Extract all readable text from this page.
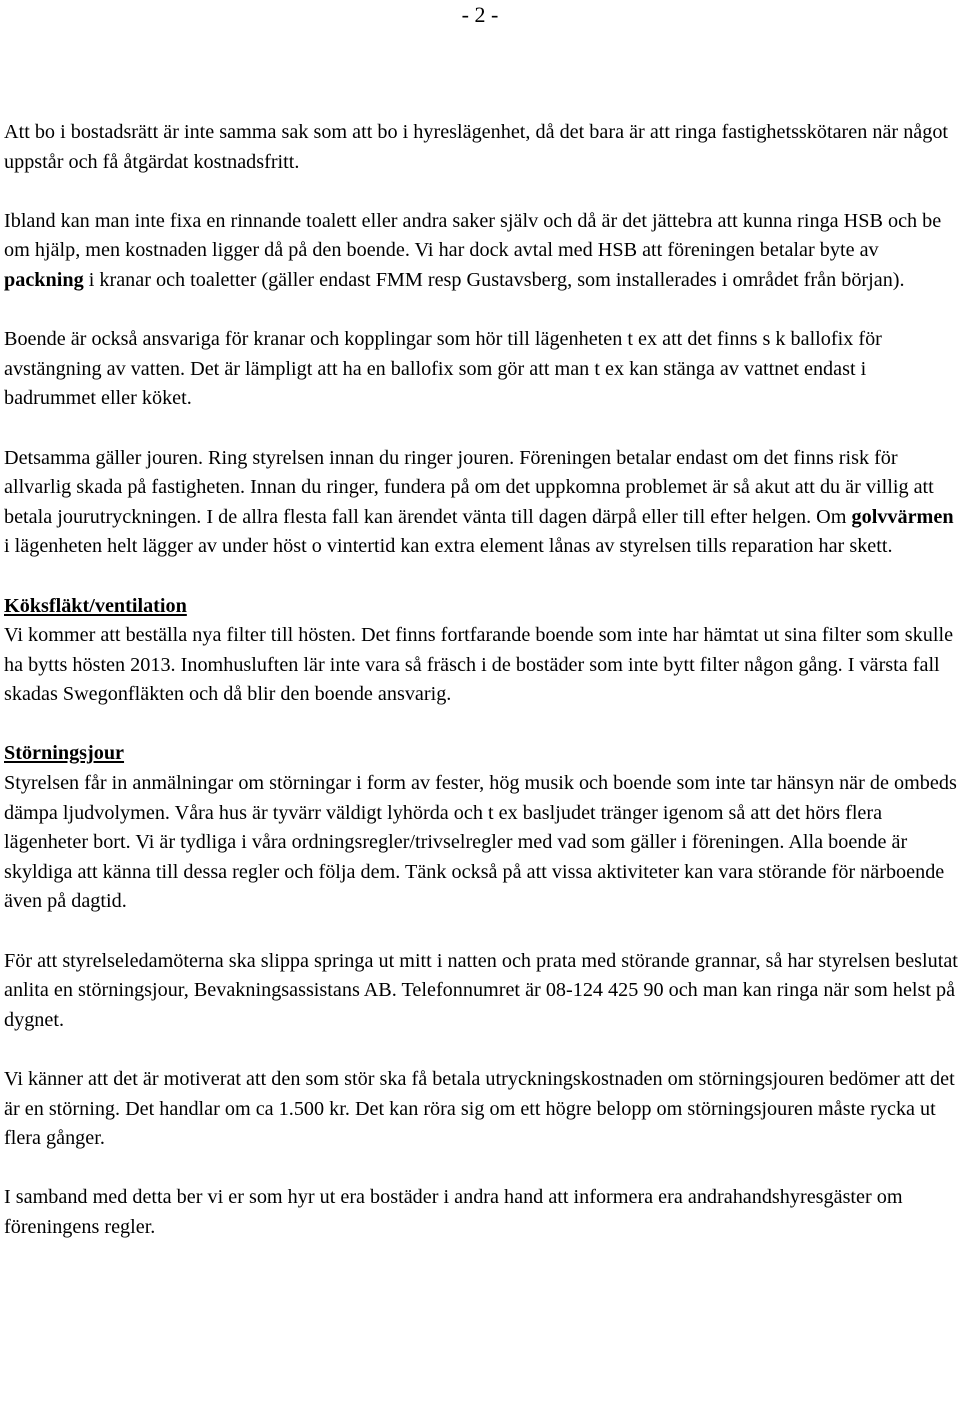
- 2 -

Att bo i bostadsrätt är inte samma sak som att bo i hyreslägenhet, då det bara är att ringa fastighetsskötaren när något uppstår och få åtgärdat kostnadsfritt.

Ibland kan man inte fixa en rinnande toalett eller andra saker själv och då är det jättebra att kunna ringa HSB och be om hjälp, men kostnaden ligger då på den boende. Vi har dock avtal med HSB att föreningen betalar byte av packning i kranar och toaletter (gäller endast FMM resp Gustavsberg, som installerades i området från början).

Boende är också ansvariga för kranar och kopplingar som hör till lägenheten t ex att det finns s k ballofix för avstängning av vatten. Det är lämpligt att ha en ballofix som gör att man t ex kan stänga av vattnet endast i badrummet eller köket.

Detsamma gäller jouren. Ring styrelsen innan du ringer jouren. Föreningen betalar endast om det finns risk för allvarlig skada på fastigheten. Innan du ringer, fundera på om det uppkomna problemet är så akut att du är villig att betala jourutryckningen. I de allra flesta fall kan ärendet vänta till dagen därpå eller till efter helgen. Om golvvärmen i lägenheten helt lägger av under höst o vintertid kan extra element lånas av styrelsen tills reparation har skett.

Köksfläkt/ventilation

Vi kommer att beställa nya filter till hösten. Det finns fortfarande boende som inte har hämtat ut sina filter som skulle ha bytts hösten 2013. Inomhusluften lär inte vara så fräsch i de bostäder som inte bytt filter någon gång. I värsta fall skadas Swegonfläkten och då blir den boende ansvarig.

Störningsjour

Styrelsen får in anmälningar om störningar i form av fester, hög musik och boende som inte tar hänsyn när de ombeds dämpa ljudvolymen. Våra hus är tyvärr väldigt lyhörda och t ex basljudet tränger igenom så att det hörs flera lägenheter bort. Vi är tydliga i våra ordningsregler/trivselregler med vad som gäller i föreningen. Alla boende är skyldiga att känna till dessa regler och följa dem. Tänk också på att vissa aktiviteter kan vara störande för närboende även på dagtid.

För att styrelseledamöterna ska slippa springa ut mitt i natten och prata med störande grannar, så har styrelsen beslutat anlita en störningsjour, Bevakningsassistans AB. Telefonnumret är 08-124 425 90 och man kan ringa när som helst på dygnet.

Vi känner att det är motiverat att den som stör ska få betala utryckningskostnaden om störningsjouren bedömer att det är en störning. Det handlar om ca 1.500 kr. Det kan röra sig om ett högre belopp om störningsjouren måste rycka ut flera gånger.

I samband med detta ber vi er som hyr ut era bostäder i andra hand att informera era andrahandshyresgäster om föreningens regler.
